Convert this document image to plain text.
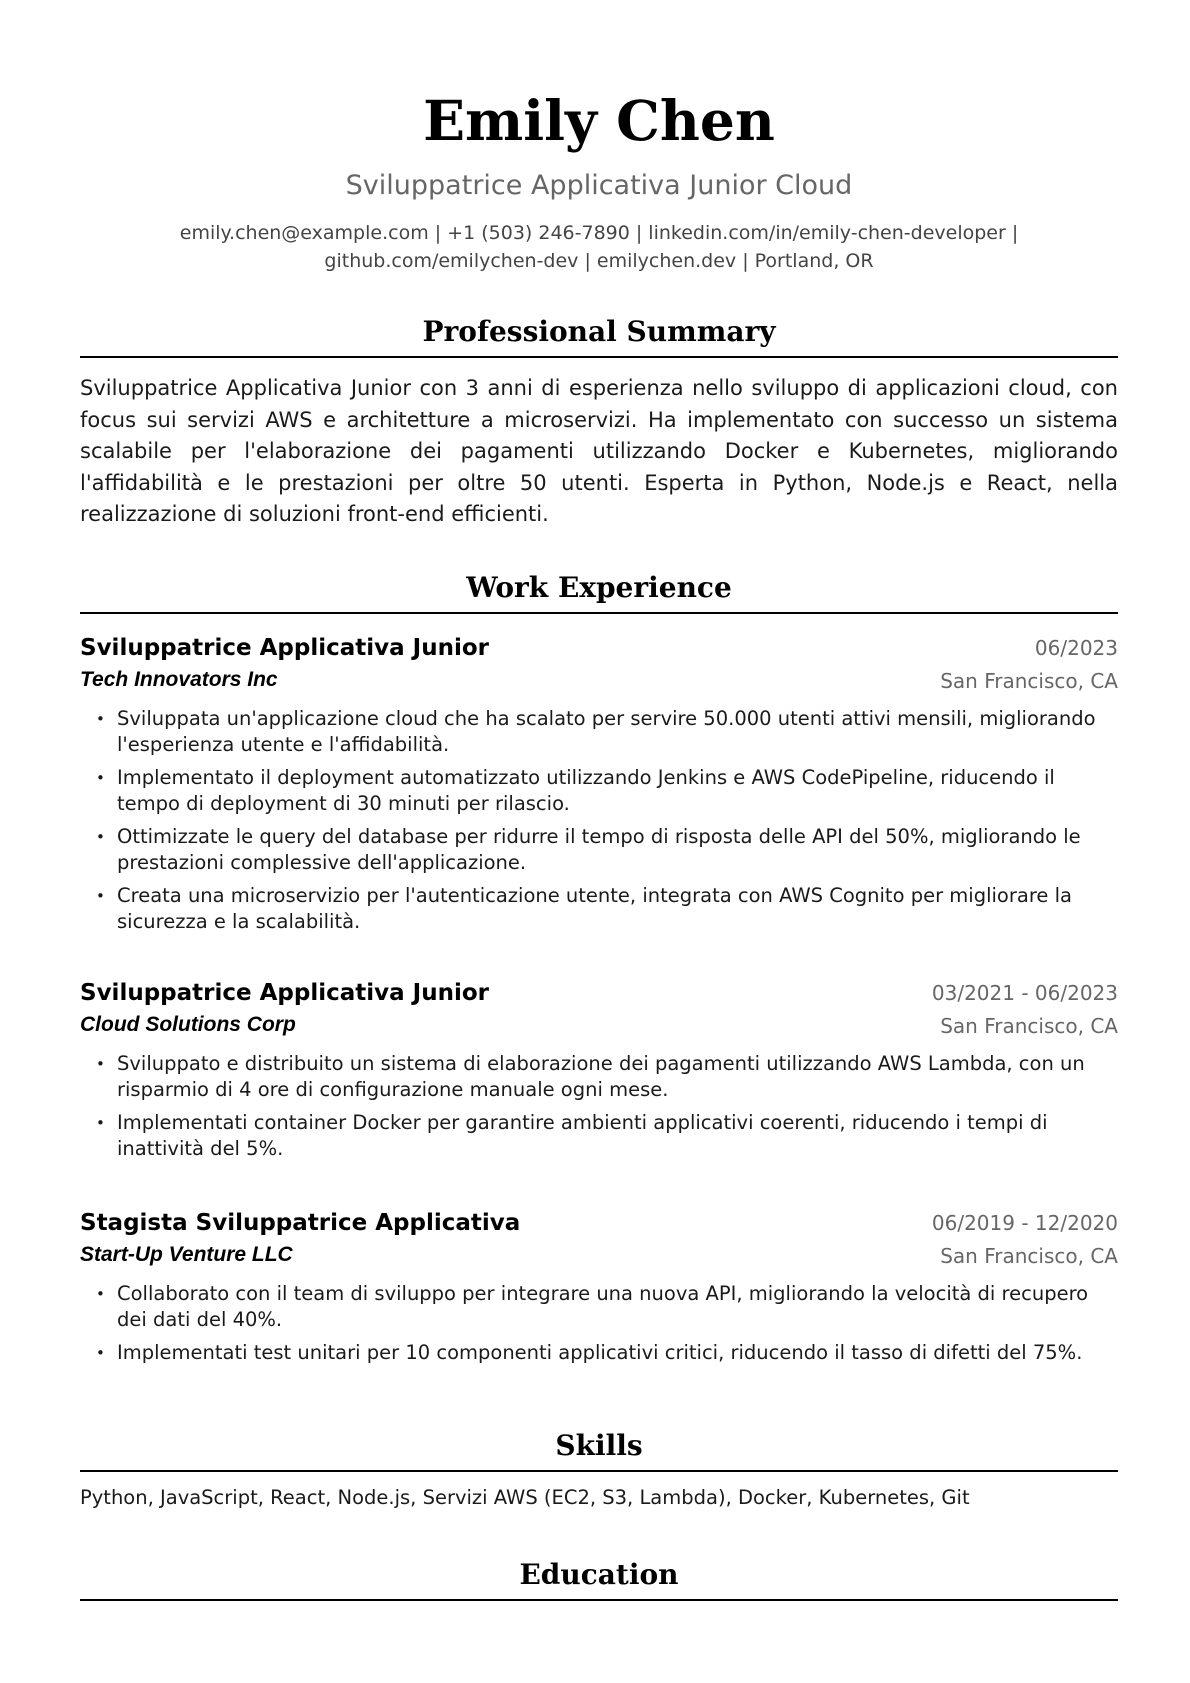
Emily Chen
Sviluppatrice Applicativa Junior Cloud
emily.chen@example.com | +1 (503) 246-7890 | linkedin.com/in/emily-chen-developer |
github.com/emilychen-dev | emilychen.dev | Portland, OR
Professional Summary
Sviluppatrice Applicativa Junior con 3 anni di esperienza nello sviluppo di applicazioni cloud, con focus sui servizi AWS e architetture a microservizi. Ha implementato con successo un sistema scalabile per l'elaborazione dei pagamenti utilizzando Docker e Kubernetes, migliorando l'affidabilità e le prestazioni per oltre 50 utenti. Esperta in Python, Node.js e React, nella realizzazione di soluzioni front-end efficienti.
Work Experience
Sviluppatrice Applicativa Junior	06/2023
Tech Innovators Inc	San Francisco, CA
• Sviluppata un'applicazione cloud che ha scalato per servire 50.000 utenti attivi mensili, migliorando l'esperienza utente e l'affidabilità.
• Implementato il deployment automatizzato utilizzando Jenkins e AWS CodePipeline, riducendo il tempo di deployment di 30 minuti per rilascio.
• Ottimizzate le query del database per ridurre il tempo di risposta delle API del 50%, migliorando le prestazioni complessive dell'applicazione.
• Creata una microservizio per l'autenticazione utente, integrata con AWS Cognito per migliorare la sicurezza e la scalabilità.
Sviluppatrice Applicativa Junior	03/2021 - 06/2023
Cloud Solutions Corp	San Francisco, CA
• Sviluppato e distribuito un sistema di elaborazione dei pagamenti utilizzando AWS Lambda, con un risparmio di 4 ore di configurazione manuale ogni mese.
• Implementati container Docker per garantire ambienti applicativi coerenti, riducendo i tempi di inattività del 5%.
Stagista Sviluppatrice Applicativa	06/2019 - 12/2020
Start-Up Venture LLC	San Francisco, CA
• Collaborato con il team di sviluppo per integrare una nuova API, migliorando la velocità di recupero dei dati del 40%.
• Implementati test unitari per 10 componenti applicativi critici, riducendo il tasso di difetti del 75%.
Skills
Python, JavaScript, React, Node.js, Servizi AWS (EC2, S3, Lambda), Docker, Kubernetes, Git
Education
